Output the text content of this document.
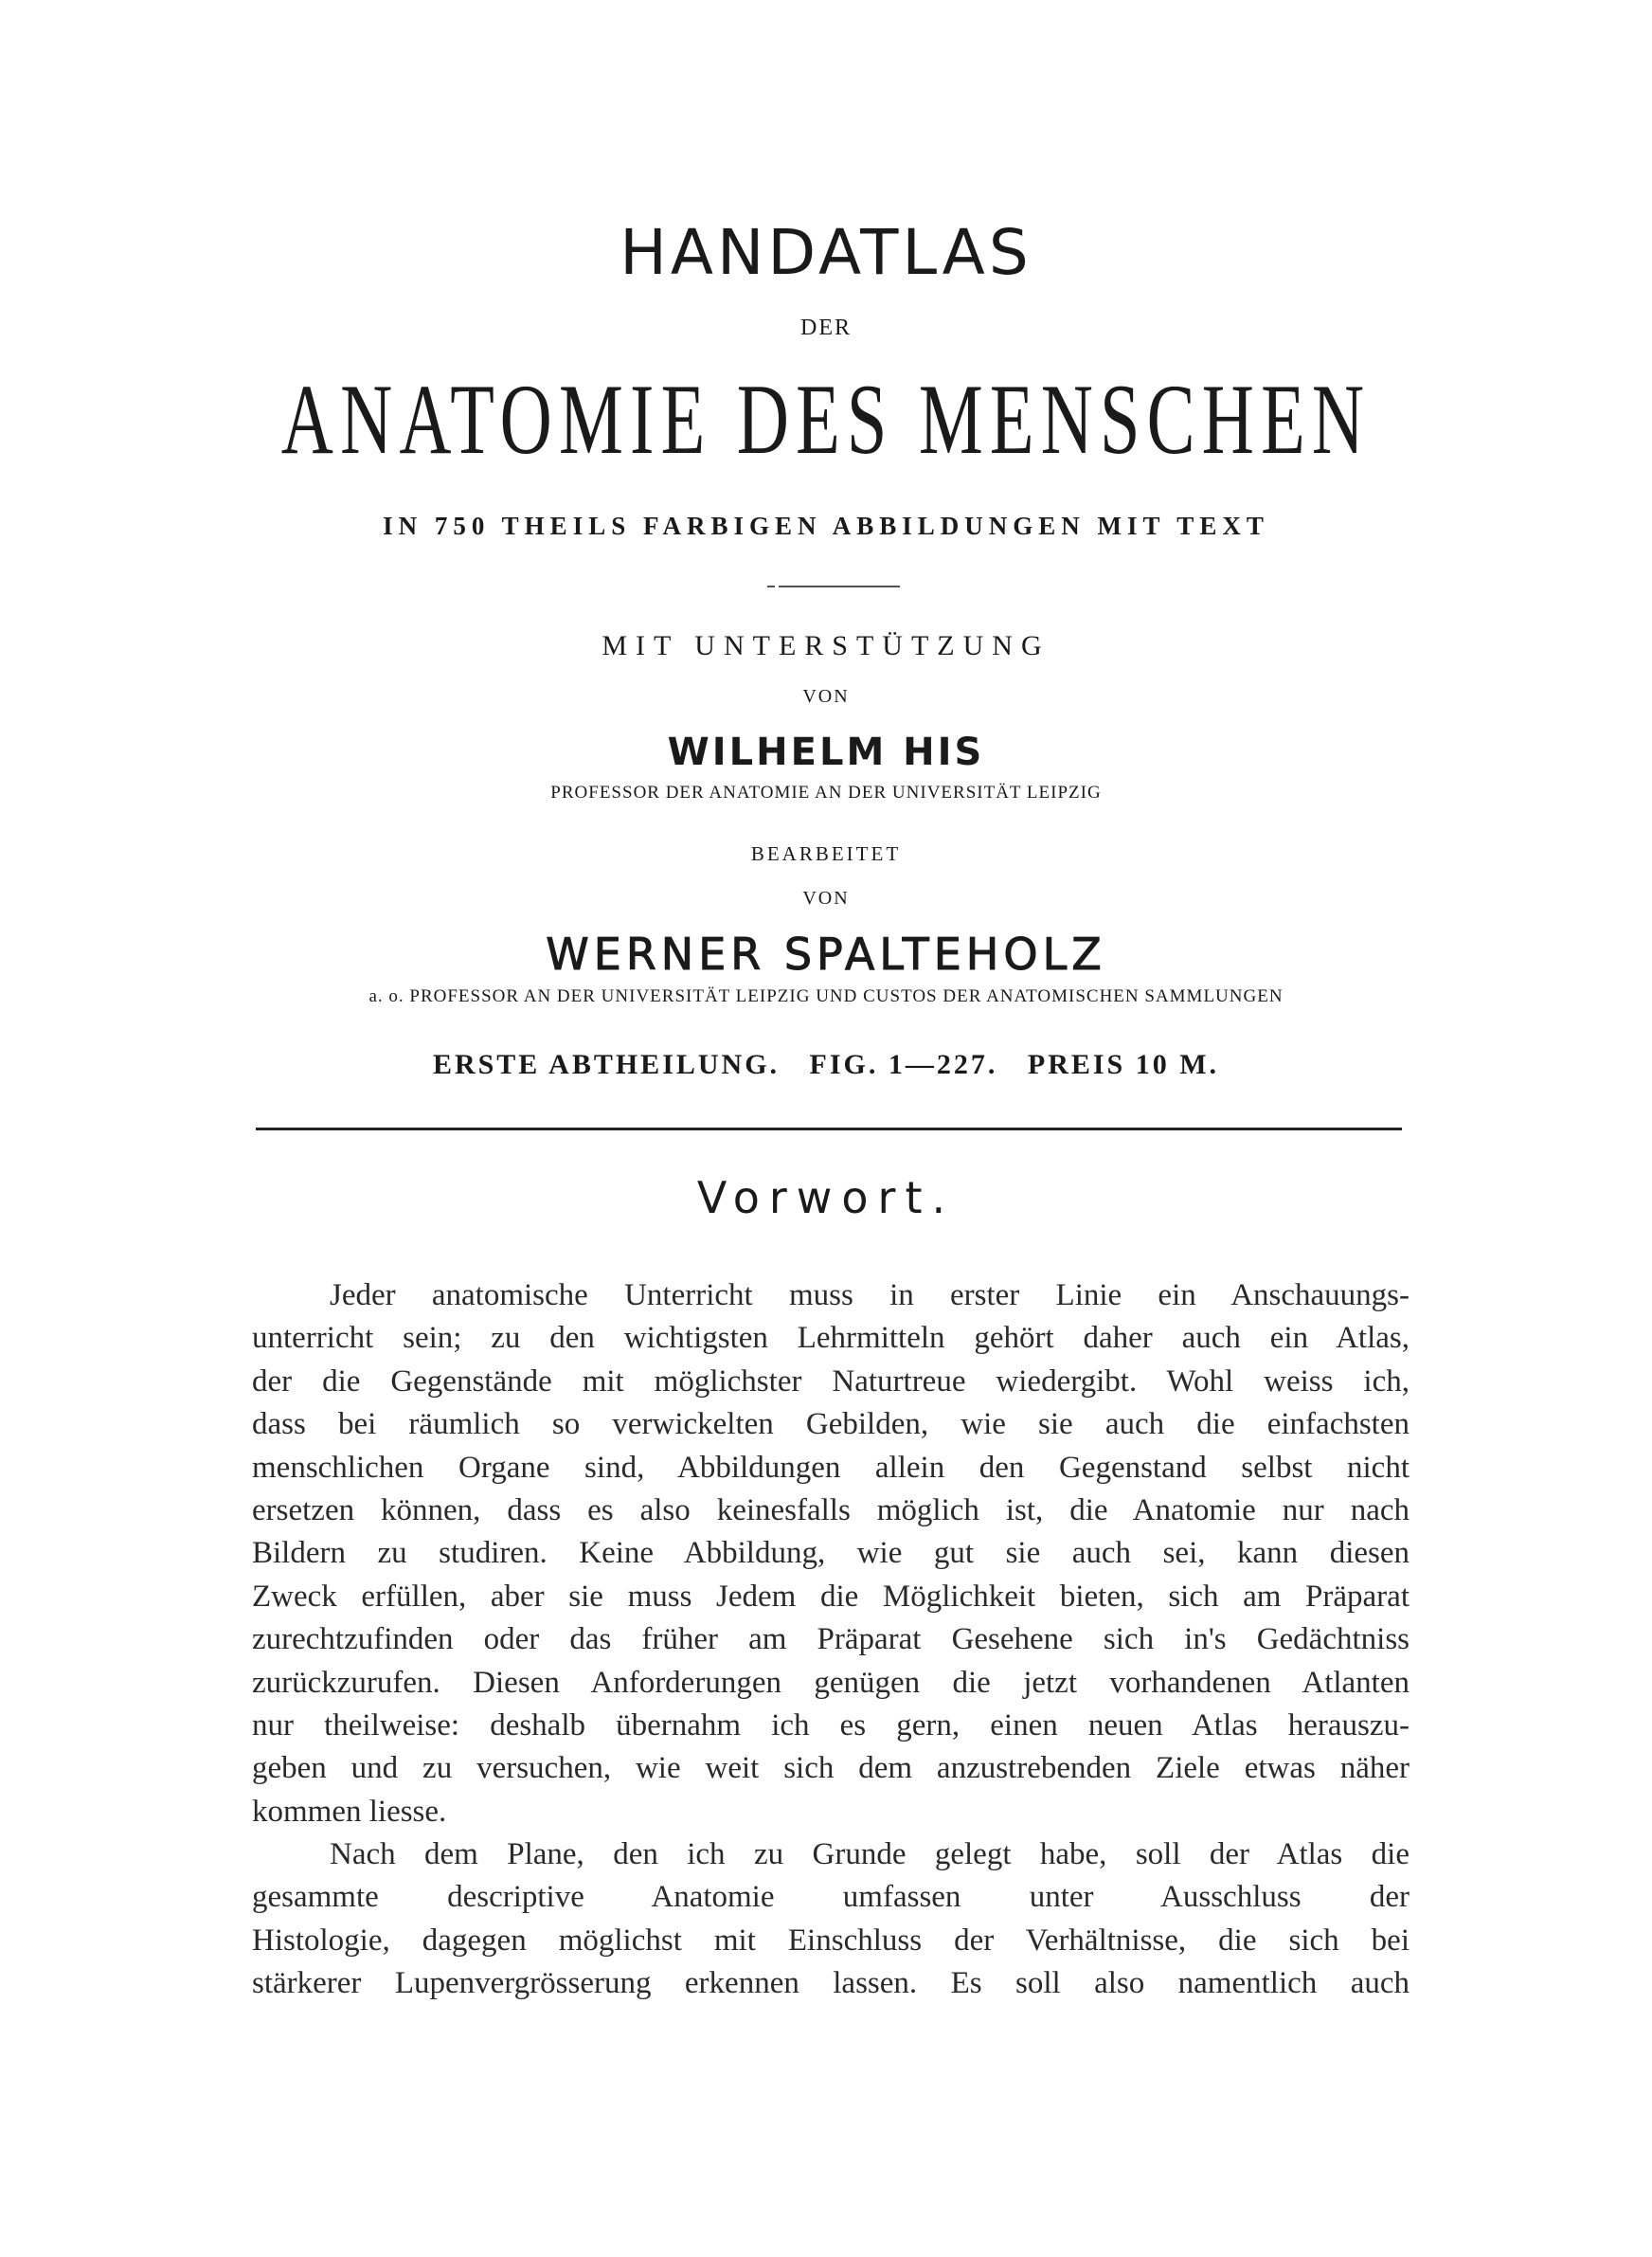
HANDATLAS
DER
ANATOMIE DES MENSCHEN
IN 750 THEILS FARBIGEN ABBILDUNGEN MIT TEXT
MIT UNTERSTÜTZUNG
VON
WILHELM HIS
PROFESSOR DER ANATOMIE AN DER UNIVERSITÄT LEIPZIG
BEARBEITET
VON
WERNER SPALTEHOLZ
a. o. PROFESSOR AN DER UNIVERSITÄT LEIPZIG UND CUSTOS DER ANATOMISCHEN SAMMLUNGEN
ERSTE ABTHEILUNG.   FIG. 1—227.   PREIS 10 M.
Vorwort.
Jeder anatomische Unterricht muss in erster Linie ein Anschauungs-
unterricht sein; zu den wichtigsten Lehrmitteln gehört daher auch ein Atlas,
der die Gegenstände mit möglichster Naturtreue wiedergibt. Wohl weiss ich,
dass bei räumlich so verwickelten Gebilden, wie sie auch die einfachsten
menschlichen Organe sind, Abbildungen allein den Gegenstand selbst nicht
ersetzen können, dass es also keinesfalls möglich ist, die Anatomie nur nach
Bildern zu studiren. Keine Abbildung, wie gut sie auch sei, kann diesen
Zweck erfüllen, aber sie muss Jedem die Möglichkeit bieten, sich am Präparat
zurechtzufinden oder das früher am Präparat Gesehene sich in's Gedächtniss
zurückzurufen. Diesen Anforderungen genügen die jetzt vorhandenen Atlanten
nur theilweise: deshalb übernahm ich es gern, einen neuen Atlas herauszu-
geben und zu versuchen, wie weit sich dem anzustrebenden Ziele etwas näher
kommen liesse.
Nach dem Plane, den ich zu Grunde gelegt habe, soll der Atlas die
gesammte descriptive Anatomie umfassen unter Ausschluss der
Histologie, dagegen möglichst mit Einschluss der Verhältnisse, die sich bei
stärkerer Lupenvergrösserung erkennen lassen. Es soll also namentlich auch
